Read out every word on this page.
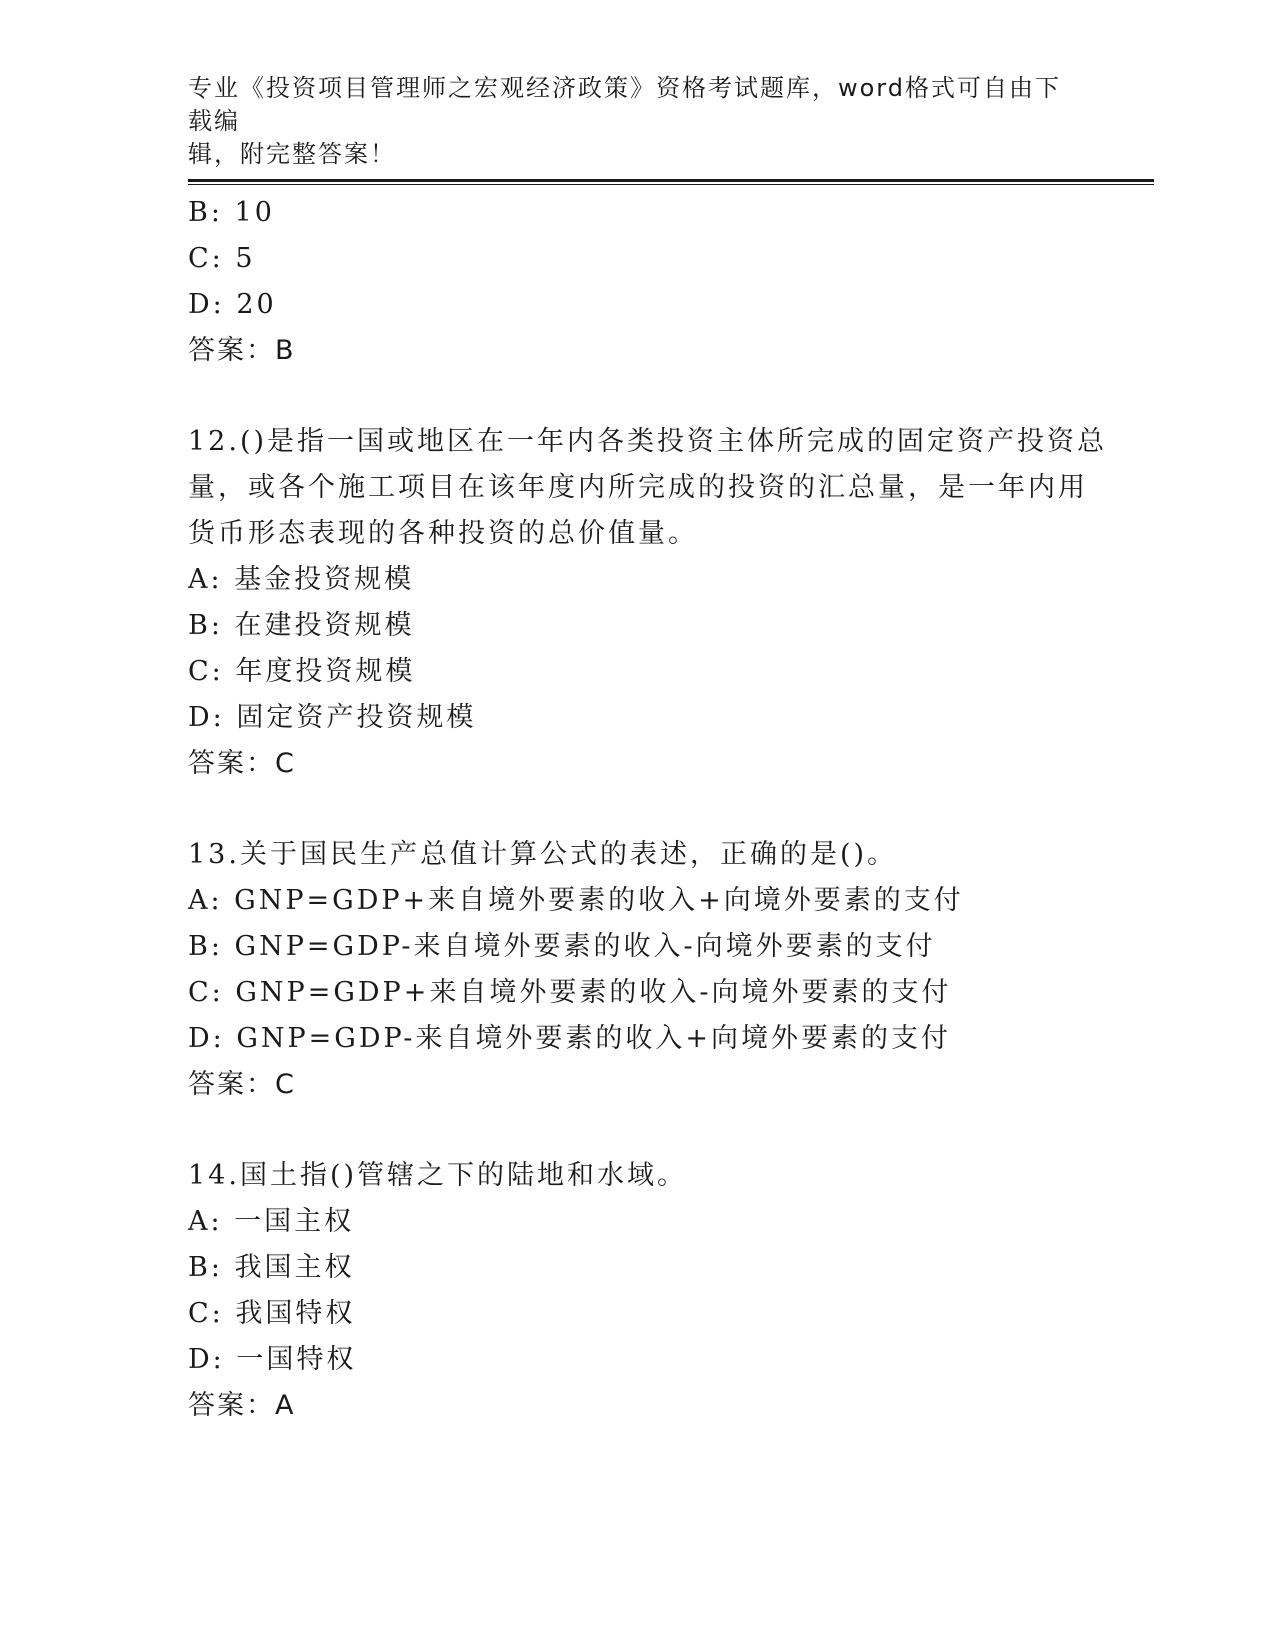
专业《投资项目管理师之宏观经济政策》资格考试题库，word格式可自由下载编
辑，附完整答案！
B: 10
C: 5
D: 20
答案：B
12.()是指一国或地区在一年内各类投资主体所完成的固定资产投资总
量，或各个施工项目在该年度内所完成的投资的汇总量，是一年内用
货币形态表现的各种投资的总价值量。
A: 基金投资规模
B: 在建投资规模
C: 年度投资规模
D: 固定资产投资规模
答案：C
13.关于国民生产总值计算公式的表述，正确的是()。
A: GNP=GDP+来自境外要素的收入+向境外要素的支付
B: GNP=GDP-来自境外要素的收入-向境外要素的支付
C: GNP=GDP+来自境外要素的收入-向境外要素的支付
D: GNP=GDP-来自境外要素的收入+向境外要素的支付
答案：C
14.国土指()管辖之下的陆地和水域。
A: 一国主权
B: 我国主权
C: 我国特权
D: 一国特权
答案：A
